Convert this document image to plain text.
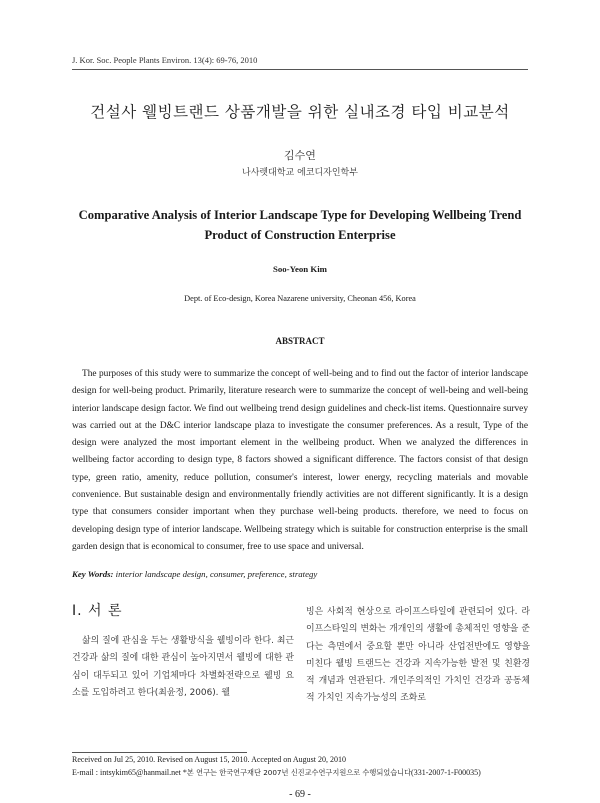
J. Kor. Soc. People Plants Environ. 13(4): 69-76, 2010
건설사 웰빙트랜드 상품개발을 위한 실내조경 타입 비교분석
김수연
나사렛대학교 에코디자인학부
Comparative Analysis of Interior Landscape Type for Developing Wellbeing Trend Product of Construction Enterprise
Soo-Yeon Kim
Dept. of Eco-design, Korea Nazarene university, Cheonan 456, Korea
ABSTRACT

The purposes of this study were to summarize the concept of well-being and to find out the factor of interior landscape design for well-being product. Primarily, literature research were to summarize the concept of well-being and well-being interior landscape design factor. We find out wellbeing trend design guidelines and check-list items. Questionnaire survey was carried out at the D&C interior landscape plaza to investigate the consumer preferences. As a result, Type of the design were analyzed the most important element in the wellbeing product. When we analyzed the differences in wellbeing factor according to design type, 8 factors showed a significant difference. The factors consist of that design type, green ratio, amenity, reduce pollution, consumer's interest, lower energy, recycling materials and movable convenience. But sustainable design and environmentally friendly activities are not different significantly. It is a design type that consumers consider important when they purchase well-being products. therefore, we need to focus on developing design type of interior landscape. Wellbeing strategy which is suitable for construction enterprise is the small garden design that is economical to consumer, free to use space and universal.

Key Words: interior landscape design, consumer, preference, strategy
Ⅰ. 서 론

삶의 질에 관심을 두는 생활방식을 웰빙이라 한다. 최근 건강과 삶의 질에 대한 관심이 높아지면서 웰빙에 대한 관심이 대두되고 있어 기업체마다 차별화전략으로 웰빙 요소를 도입하려고 한다(최윤정, 2006). 웰

빙은 사회적 현상으로 라이프스타일에 관련되어 있다. 라이프스타일의 변화는 개개인의 생활에 총체적인 영향을 준다는 측면에서 중요할 뿐만 아니라 산업전반에도 영향을 미친다 웰빙 트랜드는 건강과 지속가능한 발전 및 친환경적 개념과 연관된다. 개인주의적인 가치인 건강과 공동체적 가치인 지속가능성의 조화로

Received on Jul 25, 2010. Revised on August 15, 2010. Accepted on August 20, 2010
E-mail : intsykim65@hanmail.net *본 연구는 한국연구재단 2007년 신진교수연구지원으로 수행되었습니다(331-2007-1-F00035)
- 69 -
